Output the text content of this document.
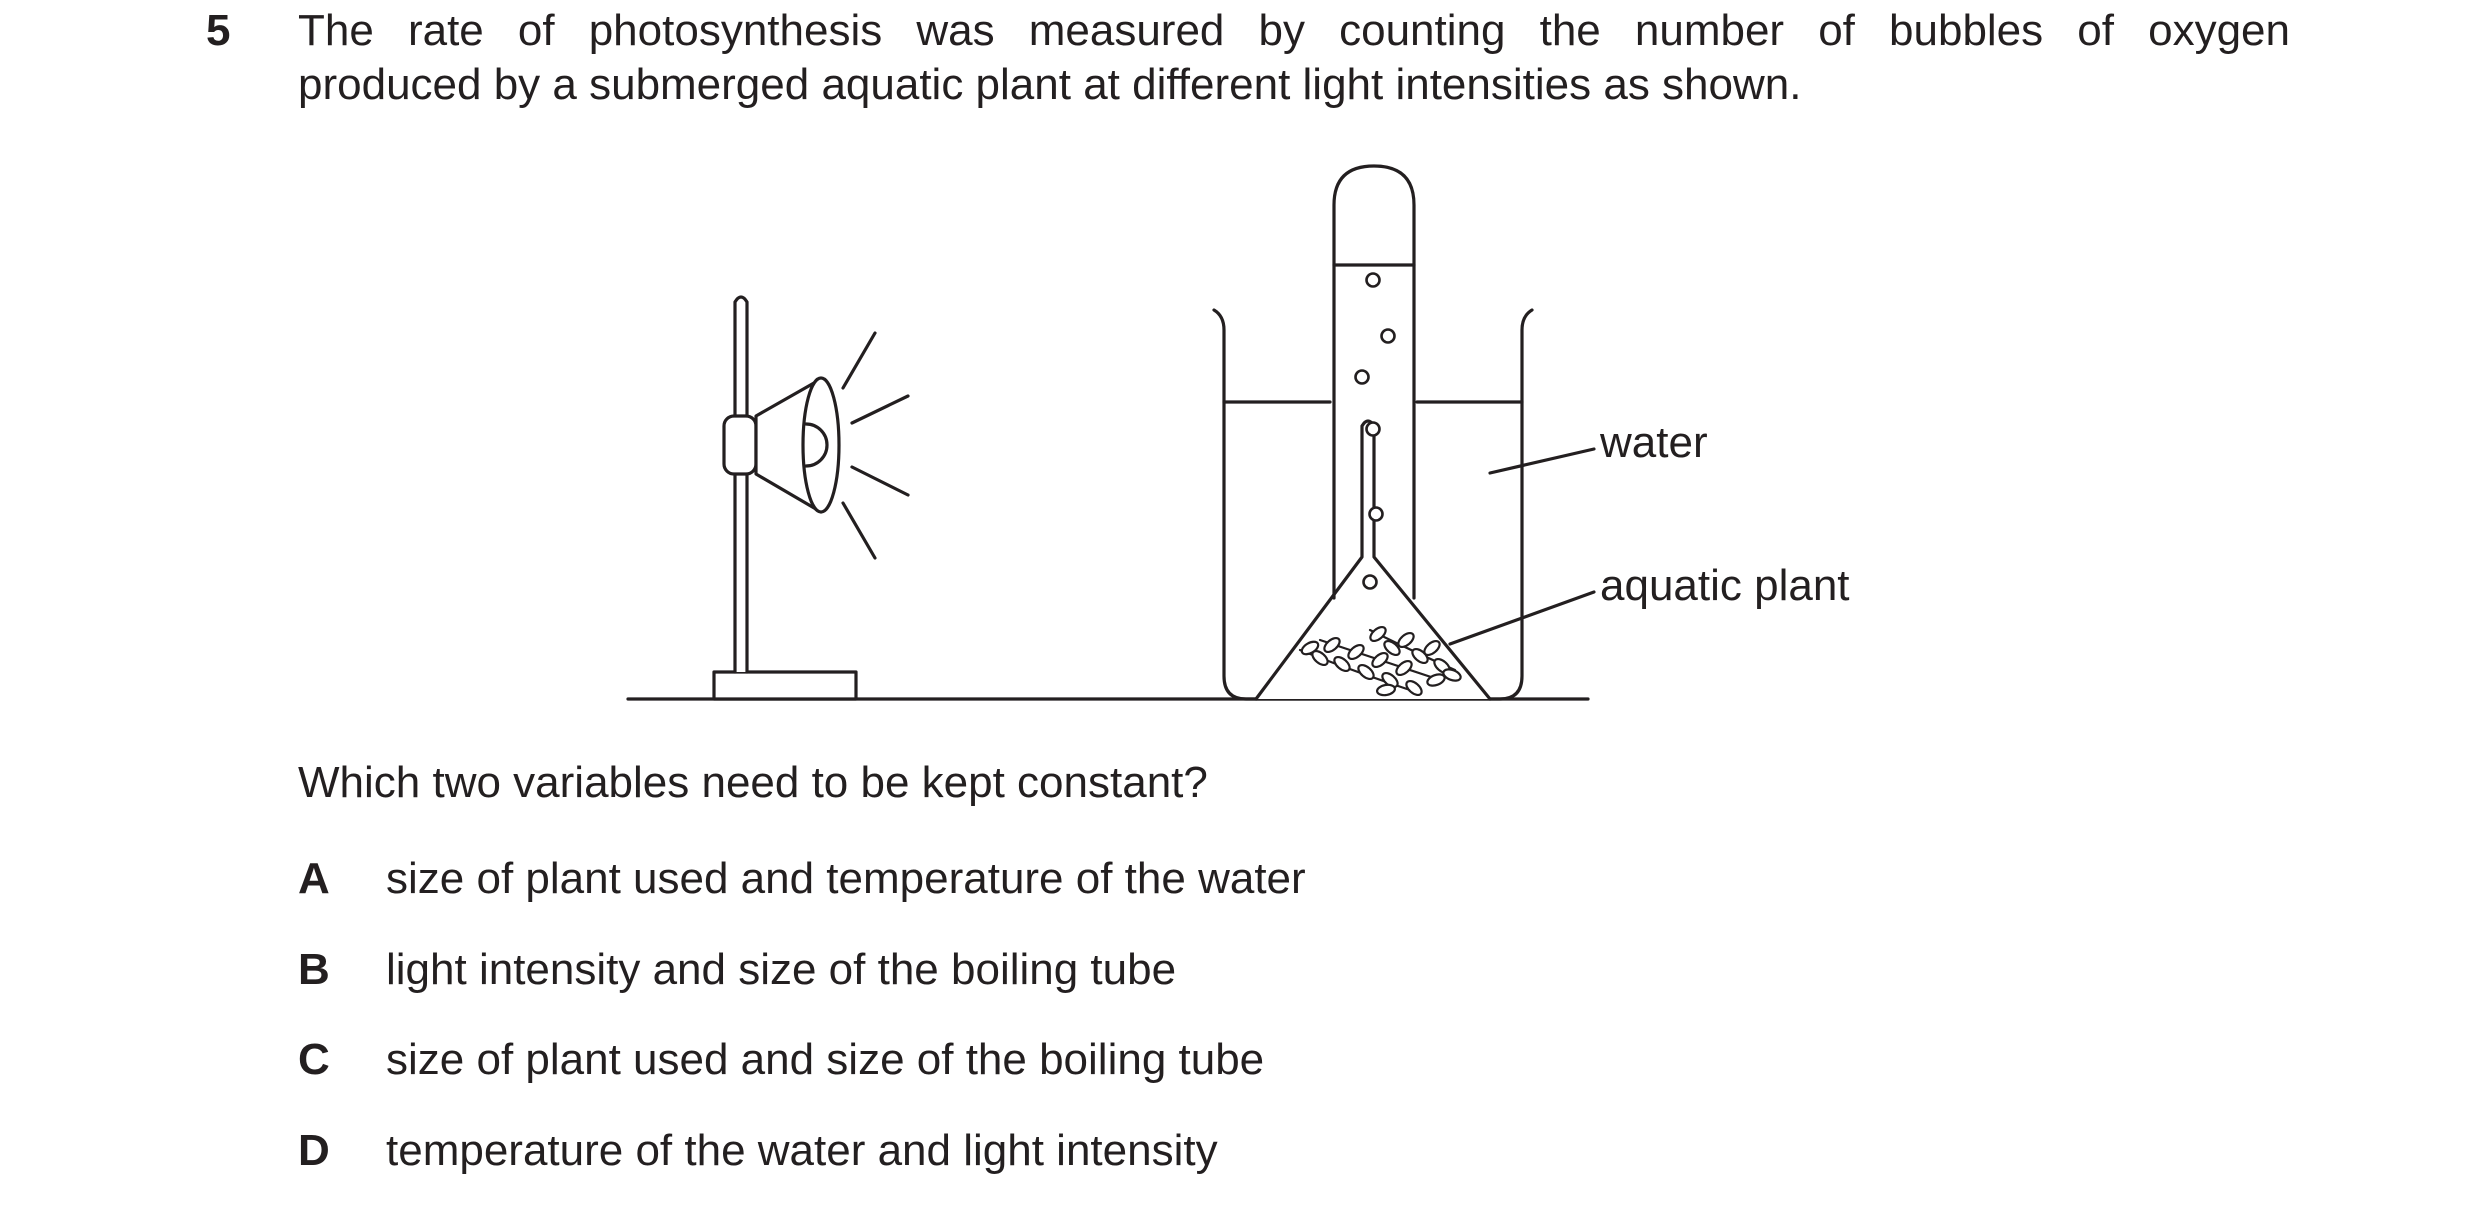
5 The rate of photosynthesis was measured by counting the number of bubbles of oxygen
produced by a submerged aquatic plant at different light intensities as shown.
water
aquatic plant
Which two variables need to be kept constant?
A size of plant used and temperature of the water
B light intensity and size of the boiling tube
C size of plant used and size of the boiling tube
D temperature of the water and light intensity
